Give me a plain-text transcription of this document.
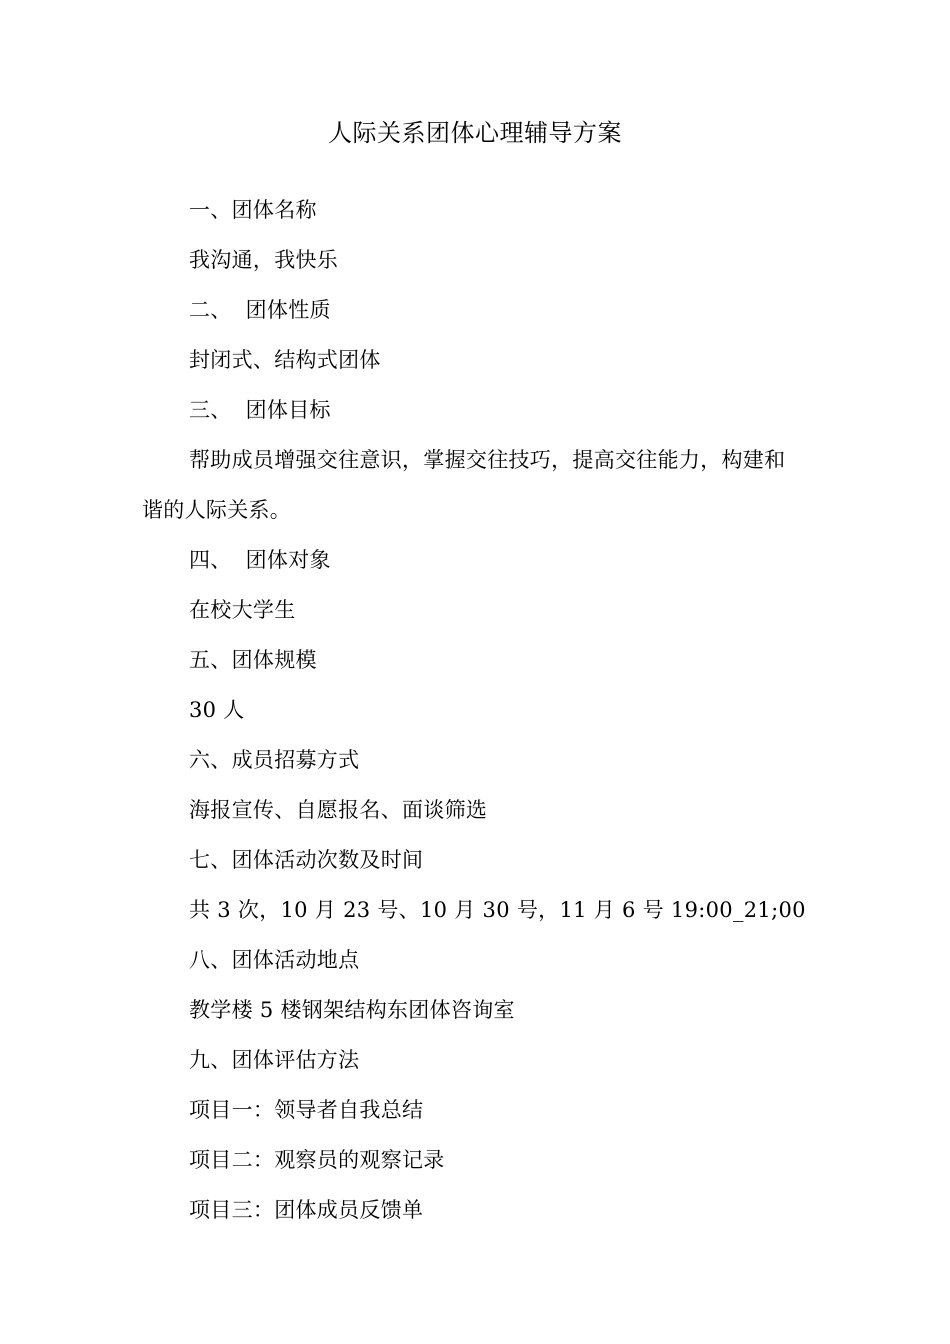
人际关系团体心理辅导方案
一、团体名称
我沟通，我快乐
二、 团体性质
封闭式、结构式团体
三、 团体目标
帮助成员增强交往意识，掌握交往技巧，提高交往能力，构建和
谐的人际关系。
四、 团体对象
在校大学生
五、团体规模
30 人
六、成员招募方式
海报宣传、自愿报名、面谈筛选
七、团体活动次数及时间
共 3 次，10 月 23 号、10 月 30 号，11 月 6 号 19:00_21;00
八、团体活动地点
教学楼 5 楼钢架结构东团体咨询室
九、团体评估方法
项目一：领导者自我总结
项目二：观察员的观察记录
项目三：团体成员反馈单
